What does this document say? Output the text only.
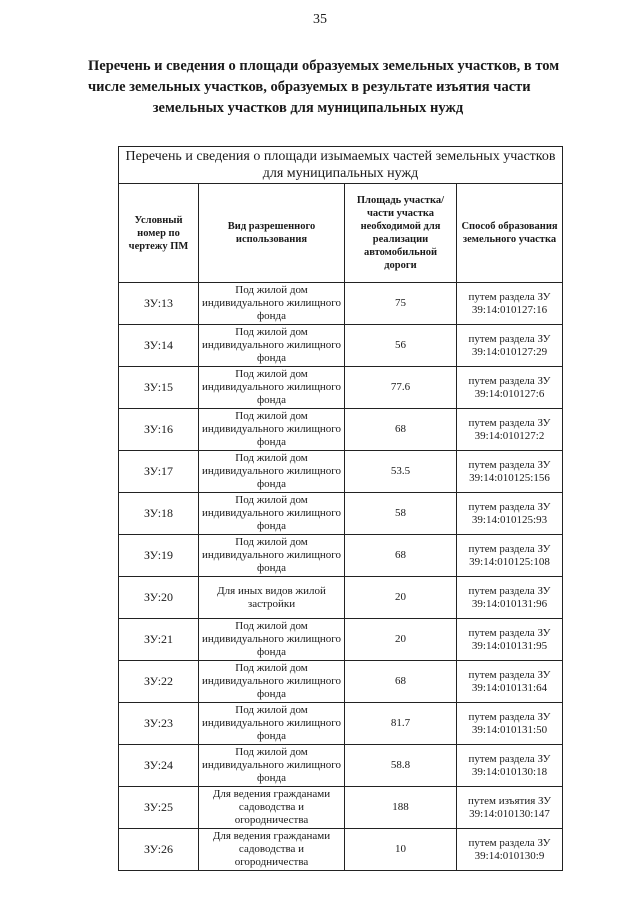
35
Перечень и сведения о площади образуемых земельных участков, в том
числе земельных участков, образуемых в результате изъятия части
земельных участков для муниципальных нужд
Перечень и сведения о площади изымаемых частей земельных участков для муниципальных нужд			
Условный номер по чертежу ПМ	Вид разрешенного использования	Площадь участка/части участка необходимой для реализации автомобильной дороги	Способ образования земельного участка
ЗУ:13	Под жилой дом индивидуального жилищного фонда	75	путем раздела ЗУ 39:14:010127:16
ЗУ:14	Под жилой дом индивидуального жилищного фонда	56	путем раздела ЗУ 39:14:010127:29
ЗУ:15	Под жилой дом индивидуального жилищного фонда	77.6	путем раздела ЗУ 39:14:010127:6
ЗУ:16	Под жилой дом индивидуального жилищного фонда	68	путем раздела ЗУ 39:14:010127:2
ЗУ:17	Под жилой дом индивидуального жилищного фонда	53.5	путем раздела ЗУ 39:14:010125:156
ЗУ:18	Под жилой дом индивидуального жилищного фонда	58	путем раздела ЗУ 39:14:010125:93
ЗУ:19	Под жилой дом индивидуального жилищного фонда	68	путем раздела ЗУ 39:14:010125:108
ЗУ:20	Для иных видов жилой застройки	20	путем раздела ЗУ 39:14:010131:96
ЗУ:21	Под жилой дом индивидуального жилищного фонда	20	путем раздела ЗУ 39:14:010131:95
ЗУ:22	Под жилой дом индивидуального жилищного фонда	68	путем раздела ЗУ 39:14:010131:64
ЗУ:23	Под жилой дом индивидуального жилищного фонда	81.7	путем раздела ЗУ 39:14:010131:50
ЗУ:24	Под жилой дом индивидуального жилищного фонда	58.8	путем раздела ЗУ 39:14:010130:18
ЗУ:25	Для ведения гражданами садоводства и огородничества	188	путем изъятия ЗУ 39:14:010130:147
ЗУ:26	Для ведения гражданами садоводства и огородничества	10	путем раздела ЗУ 39:14:010130:9
